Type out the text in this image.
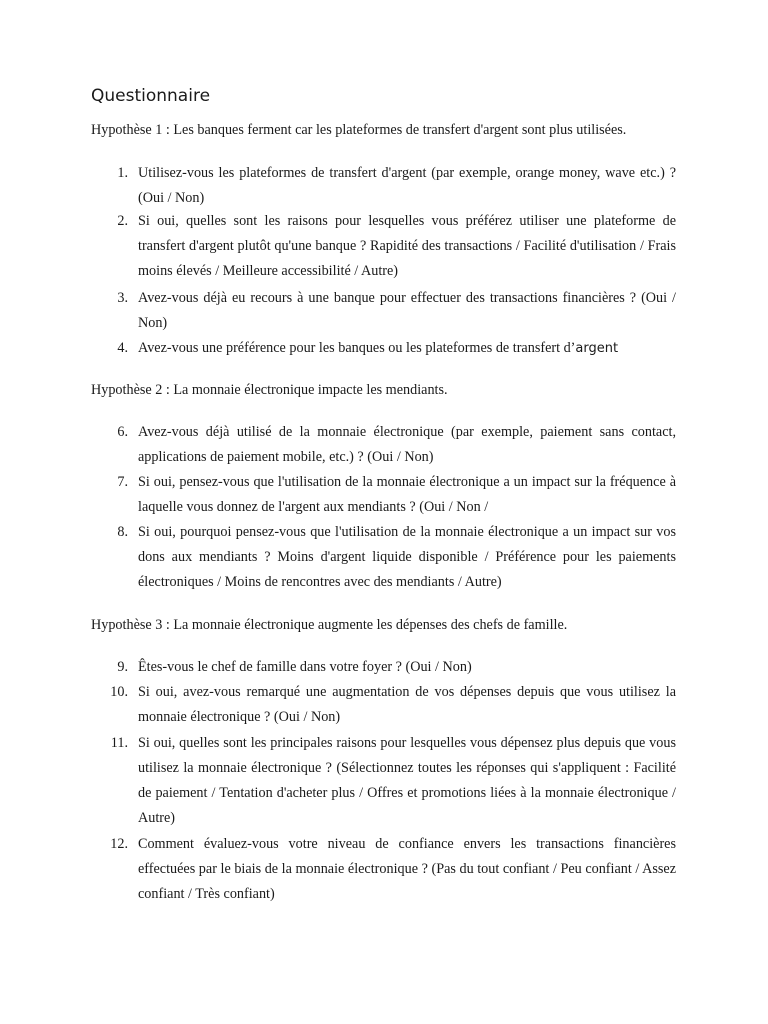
Questionnaire
Hypothèse 1 : Les banques ferment car les plateformes de transfert d'argent sont plus utilisées.
1. Utilisez-vous les plateformes de transfert d'argent (par exemple, orange money, wave etc.) ? (Oui / Non)
2. Si oui, quelles sont les raisons pour lesquelles vous préférez utiliser une plateforme de transfert d'argent plutôt qu'une banque ? Rapidité des transactions / Facilité d'utilisation / Frais moins élevés / Meilleure accessibilité / Autre)
3. Avez-vous déjà eu recours à une banque pour effectuer des transactions financières ? (Oui / Non)
4. Avez-vous une préférence pour les banques ou les plateformes de transfert d’argent
Hypothèse 2 : La monnaie électronique impacte les mendiants.
6. Avez-vous déjà utilisé de la monnaie électronique (par exemple, paiement sans contact, applications de paiement mobile, etc.) ? (Oui / Non)
7. Si oui, pensez-vous que l'utilisation de la monnaie électronique a un impact sur la fréquence à laquelle vous donnez de l'argent aux mendiants ? (Oui / Non /
8. Si oui, pourquoi pensez-vous que l'utilisation de la monnaie électronique a un impact sur vos dons aux mendiants ? Moins d'argent liquide disponible / Préférence pour les paiements électroniques / Moins de rencontres avec des mendiants / Autre)
Hypothèse 3 : La monnaie électronique augmente les dépenses des chefs de famille.
9. Êtes-vous le chef de famille dans votre foyer ? (Oui / Non)
10. Si oui, avez-vous remarqué une augmentation de vos dépenses depuis que vous utilisez la monnaie électronique ? (Oui / Non)
11. Si oui, quelles sont les principales raisons pour lesquelles vous dépensez plus depuis que vous utilisez la monnaie électronique ? (Sélectionnez toutes les réponses qui s'appliquent : Facilité de paiement / Tentation d'acheter plus / Offres et promotions liées à la monnaie électronique / Autre)
12. Comment évaluez-vous votre niveau de confiance envers les transactions financières effectuées par le biais de la monnaie électronique ? (Pas du tout confiant / Peu confiant / Assez confiant / Très confiant)
